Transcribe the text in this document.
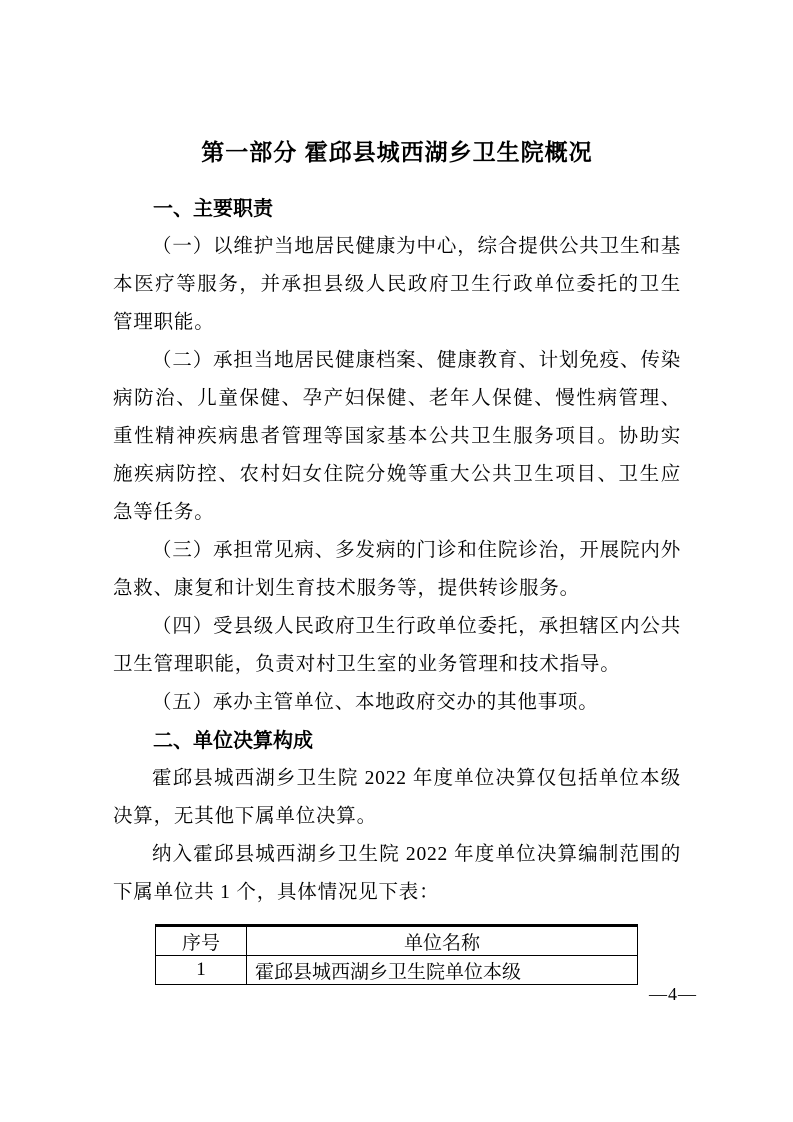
第一部分 霍邱县城西湖乡卫生院概况
一、主要职责

（一）以维护当地居民健康为中心，综合提供公共卫生和基本医疗等服务，并承担县级人民政府卫生行政单位委托的卫生管理职能。

（二）承担当地居民健康档案、健康教育、计划免疫、传染病防治、儿童保健、孕产妇保健、老年人保健、慢性病管理、重性精神疾病患者管理等国家基本公共卫生服务项目。协助实施疾病防控、农村妇女住院分娩等重大公共卫生项目、卫生应急等任务。

（三）承担常见病、多发病的门诊和住院诊治，开展院内外急救、康复和计划生育技术服务等，提供转诊服务。

（四）受县级人民政府卫生行政单位委托，承担辖区内公共卫生管理职能，负责对村卫生室的业务管理和技术指导。

（五）承办主管单位、本地政府交办的其他事项。

二、单位决算构成

霍邱县城西湖乡卫生院 2022 年度单位决算仅包括单位本级决算，无其他下属单位决算。

纳入霍邱县城西湖乡卫生院 2022 年度单位决算编制范围的下属单位共 1 个，具体情况见下表：

序号	单位名称
1	霍邱县城西湖乡卫生院单位本级
—4—
